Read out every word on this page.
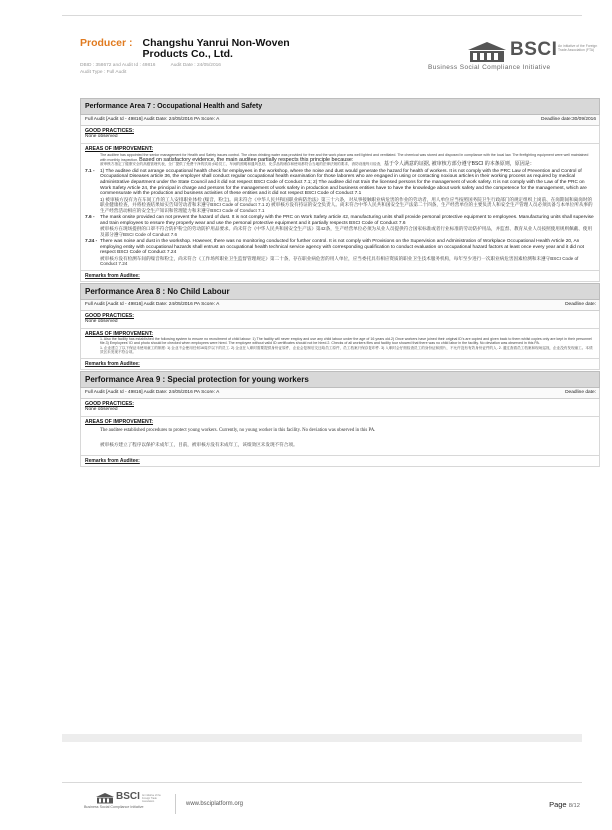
Producer : Changshu Yanrui Non-Woven Products Co., Ltd.
DBID : 358672 and Audit Id : 49816	Audit Date : 24/05/2016
Audit Type : Full Audit
BSCI An initiative of the Foreign Trade Association (FTA)
Business Social Compliance Initiative
Performance Area 7 : Occupational Health and Safety
Full Audit [Audit Id - 49816] Audit Date: 24/05/2016 PA Score: A	Deadline date:30/09/2016
GOOD PRACTICES:
None observed
AREAS OF IMPROVEMENT:
The auditee has appointed the senior management for Health and Safety issues control. The clean drinking water was provided for free and the work place was well lighted and ventilated. The chemical was stored and disposed in compliance with the local law. The firefighting equipment were well maintained with monthly inspection. Based on satisfactory evidence, the main auditee partially respects this principle because:
被审核方指定了健康安全的高级管理代表，全厂提供了免费干净的饮用水给员工，车间的照明和通风良好，化学品的储存和使用都符合当地的法律法规的要求，消防设施每月检查，基于令人满意的证据, 被审核方部分遵守BSCI 的本条原则，原因是：
7.1 -	1) The auditee did not arrange occupational health check for employees in the workshop, where the noise and dust would generate the hazard for health of workers. It is not comply with the PRC Law of Prevention and Control of Occupational Diseases article 36, the employer shall conduct regular occupational health examination for those laborers who are engaged in using or contacting noxious articles in their working process as required by medical administrative department under the State Council and it did not respect BSCI Code of Conduct 7.1; 2) The auditee did not train the licensed persons for the management of work safety. It is not comply with the Law of the PRC on Work Safety Article 24, the principal in charge and persons for the management of work safety in production and business entities have to have the knowledge about work safety and the competence for the management, which are commensurate with the production and business activities of these entities and it did not respect BSCI Code of Conduct 7.1
1) 被审核方没有为在车间工作的工人安排职业体检 (噪音，粉尘)。尚未符合《中华人民共和国职业病防治法》第三十六条，对从事接触职业病危害的作业的劳动者，用人单位应当按照国务院卫生行政部门的规定组织上岗前、在岗期间和离岗时的职业健康检查，并将检查结果如实告知劳动者和未遵守BSCI Code of Conduct 7.1 2) 被审核方没有持证的安全负责人。尚未符合中华人民共和国安全生产法第二十四条，生产经营单位的主要负责人和安全生产管理人员必须具备与本单位所从事的生产经营活动相应的安全生产知识和管理能力和未遵守BSCI Code of Conduct 7.1
7.6 -	The mask onsite provided can not prevent the hazard of dust. It is not comply with the PRC on Work Safety article 42, manufacturing units shall provide personal protective equipment to employees. Manufacturing units shall supervise and train employees to ensure they properly wear and use the personal protective equipment and it partially respects BSCI Code of Conduct 7.6
被审核方在现场提供的口罩不符合防护粉尘的劳动防护用品要求。尚未符合《中华人民共和国安全生产法》第42条，生产经营单位必须为从业人员提供符合国家标准或者行业标准的劳动防护用品，并监督、教育从业人员按照使用规则佩戴、使用及部分遵守BSCI Code of Conduct 7.6
7.24 - There was noise and dust in the workshop. However, there was no monitoring conducted for further control. It is not comply with Provisions on the Supervision and Administration of Workplace Occupational Health Article 20, An employing entity with occupational hazards shall entrust an occupational health technical service agency with corresponding qualification to conduct evaluation on occupational hazard factors at least once every year and it did not respect BSCI Code of Conduct 7.24
被审核方没有检测车间的噪音和粉尘，尚未符合《工作场所职业卫生监督管理规定》第二十条，存在职业病危害的用人单位，应当委托具有相应资质的职业卫生技术服务机构，每年至少进行一次职业病危害因素检测和未遵守BSCI Code of Conduct 7.24
Remarks from Auditee:
Performance Area 8 : No Child Labour
Full Audit [Audit Id - 49816] Audit Date: 24/05/2016 PA Score: A	Deadline date:
GOOD PRACTICES:
None observed
AREAS OF IMPROVEMENT:
1. Also the facility has established the following system to ensure no recruitment of child labour: 1) The facility will never employ and use any child labour under the age of 16 years old.2) Once workers have joined their original ID's are copied and given back to them whilst copies only are kept in their personnel file.3) Employees' ID and photo should be checked when employees were hired. The employee without valid ID certificates should not be hired.2. Checks of all workers files and facility tour showed that there was no child labor in the facility. No deviation was observed in this PA.
1. 企业建立了以下保证未使用童工的制度: 1) 企业不会使用任何16周岁以下的员工. 2) 企业在入职时需要提供身份证原件，企业会复制后交还给员工原件，员工档案只保存复印件. 3) 入职时会仔细检查员工的身份证和照片，不允许没有有效身份证件的人. 2. 通过查看员工档案和现场巡视，企业没有发现童工。本绩效区未发现不符合项。
Remarks from Auditee:
Performance Area 9 : Special protection for young workers
Full Audit [Audit Id - 49816] Audit Date: 24/05/2016 PA Score: A	Deadline date:
GOOD PRACTICES:
None observed
AREAS OF IMPROVEMENT:
The auditee established procedures to protect young workers. Currently, no young worker in this facility. No deviation was observed in this PA.
被审核方建立了程序以保护未成年工，目前，被审核方没有未成年工，该绩效区未发现不符合项。
Remarks from Auditee:
BSCI An initiative of the Foreign Trade Association
Business Social Compliance Initiative	www.bsciplatform.org	Page 8/12
